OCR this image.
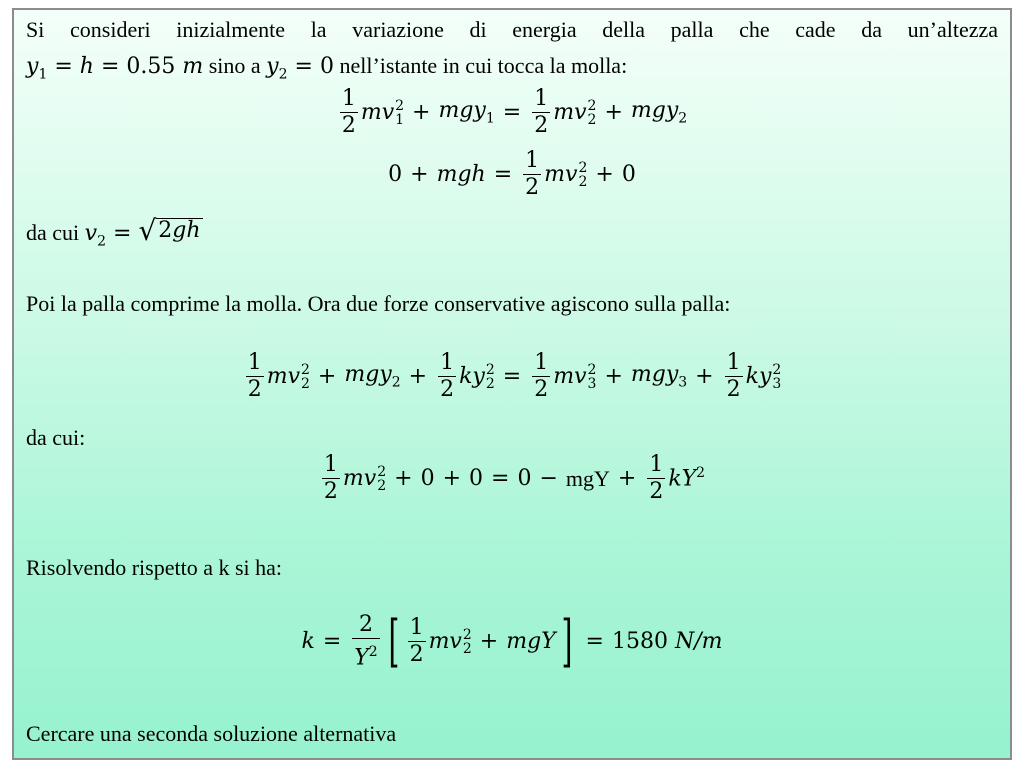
Si consideri inizialmente la variazione di energia della palla che cade da un’altezza
$y_1 = h = 0.55$ m sino a $y_2 = 0$ nell’istante in cui tocca la molla:
$\frac{1}{2}$ mv 2
$1 + mgy_1 = \frac{1}{2}$ mv 2
2 + mgy$_2$
0 + mgh = $\frac{1}{2}$ mv 2
2 + 0
da cui $v_2$ = √ 2gh
Poi la palla comprime la molla. Ora due forze conservative agiscono sulla palla:
$\frac{1}{2}$ mv 2
$2 + mgy_2 + \frac{1}{2}$ ky 2
$2 = \frac{1}{2}$ mv 2
$3 + mgy_3 + \frac{1}{2}$ ky 2
3
da cui:
$\frac{1}{2}$ mv 2
2 + 0 + 0 = 0 − mgY + $\frac{1}{2} kY^2$
Risolvendo rispetto a k si ha:
$k = \frac{2}{Y^2}$ [ $\frac{1}{2}$ mv 2
2 + mgY ] = 1580
N/m
Cercare una seconda soluzione alternativa
